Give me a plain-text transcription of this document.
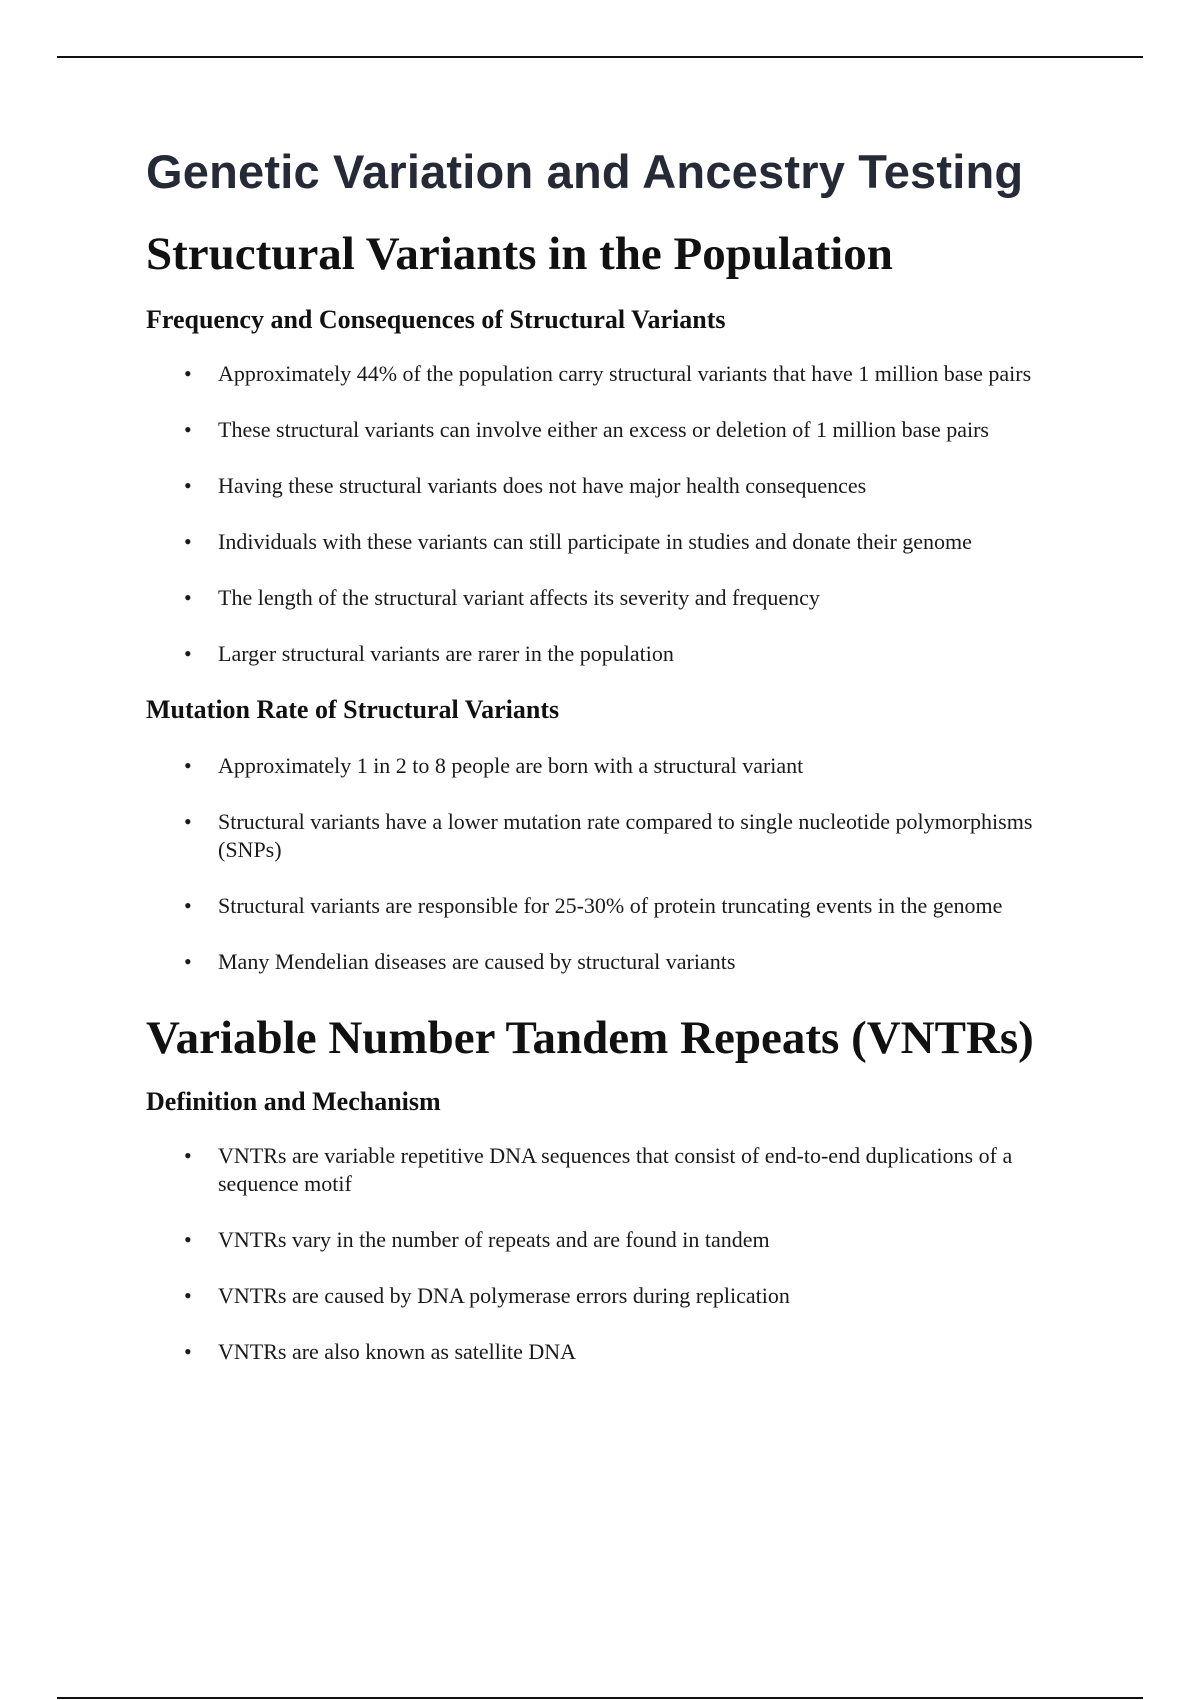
Genetic Variation and Ancestry Testing
Structural Variants in the Population
Frequency and Consequences of Structural Variants
• Approximately 44% of the population carry structural variants that have 1 million base pairs
• These structural variants can involve either an excess or deletion of 1 million base pairs
• Having these structural variants does not have major health consequences
• Individuals with these variants can still participate in studies and donate their genome
• The length of the structural variant affects its severity and frequency
• Larger structural variants are rarer in the population
Mutation Rate of Structural Variants
• Approximately 1 in 2 to 8 people are born with a structural variant
• Structural variants have a lower mutation rate compared to single nucleotide polymorphisms (SNPs)
• Structural variants are responsible for 25-30% of protein truncating events in the genome
• Many Mendelian diseases are caused by structural variants
Variable Number Tandem Repeats (VNTRs)
Definition and Mechanism
• VNTRs are variable repetitive DNA sequences that consist of end-to-end duplications of a sequence motif
• VNTRs vary in the number of repeats and are found in tandem
• VNTRs are caused by DNA polymerase errors during replication
• VNTRs are also known as satellite DNA
